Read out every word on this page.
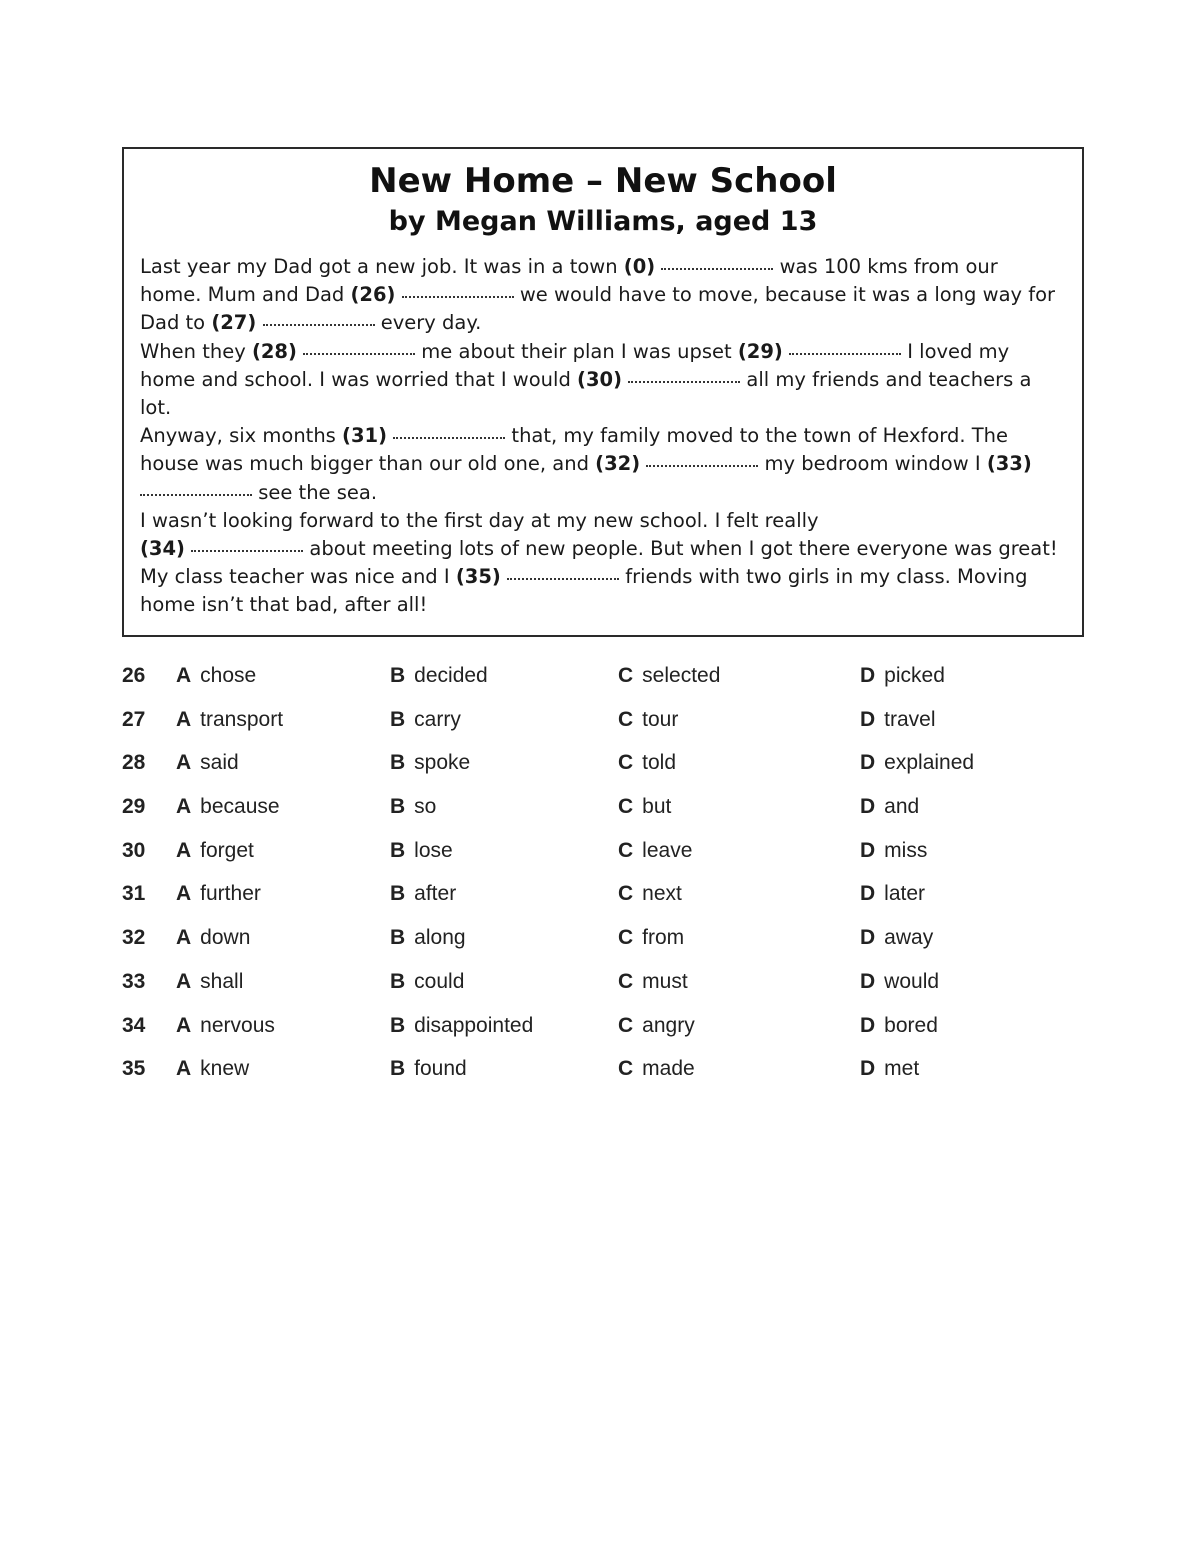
New Home – New School
by Megan Williams, aged 13

Last year my Dad got a new job. It was in a town (0)	was 100 kms from our home. Mum and Dad (26)	we would have to move, because it was a long way for Dad to (27)	every day.

When they (28)	me about their plan I was upset (29)	I loved my home and school. I was worried that I would (30)	all my friends and teachers a lot.

Anyway, six months (31)	that, my family moved to the town of Hexford. The house was much bigger than our old one, and (32)	my bedroom window I (33)  see the sea.

I wasn’t looking forward to the first day at my new school. I felt really
(34)	about meeting lots of new people. But when I got there everyone was great! My class teacher was nice and I (35)	friends with two girls in my class. Moving home isn’t that bad, after all!

26 A chose	B decided	C selected	D picked
27 A transport	B carry	C tour	D travel
28 A said	B spoke	C told	D explained
29 A because	B so	C but	D and
30 A forget	B lose	C leave	D miss
31 A further	B after	C next	D later
32 A down	B along	C from	D away
33 A shall	B could	C must	D would
34 A nervous	B disappointed	C angry	D bored
35 A knew	B found	C made	D met
